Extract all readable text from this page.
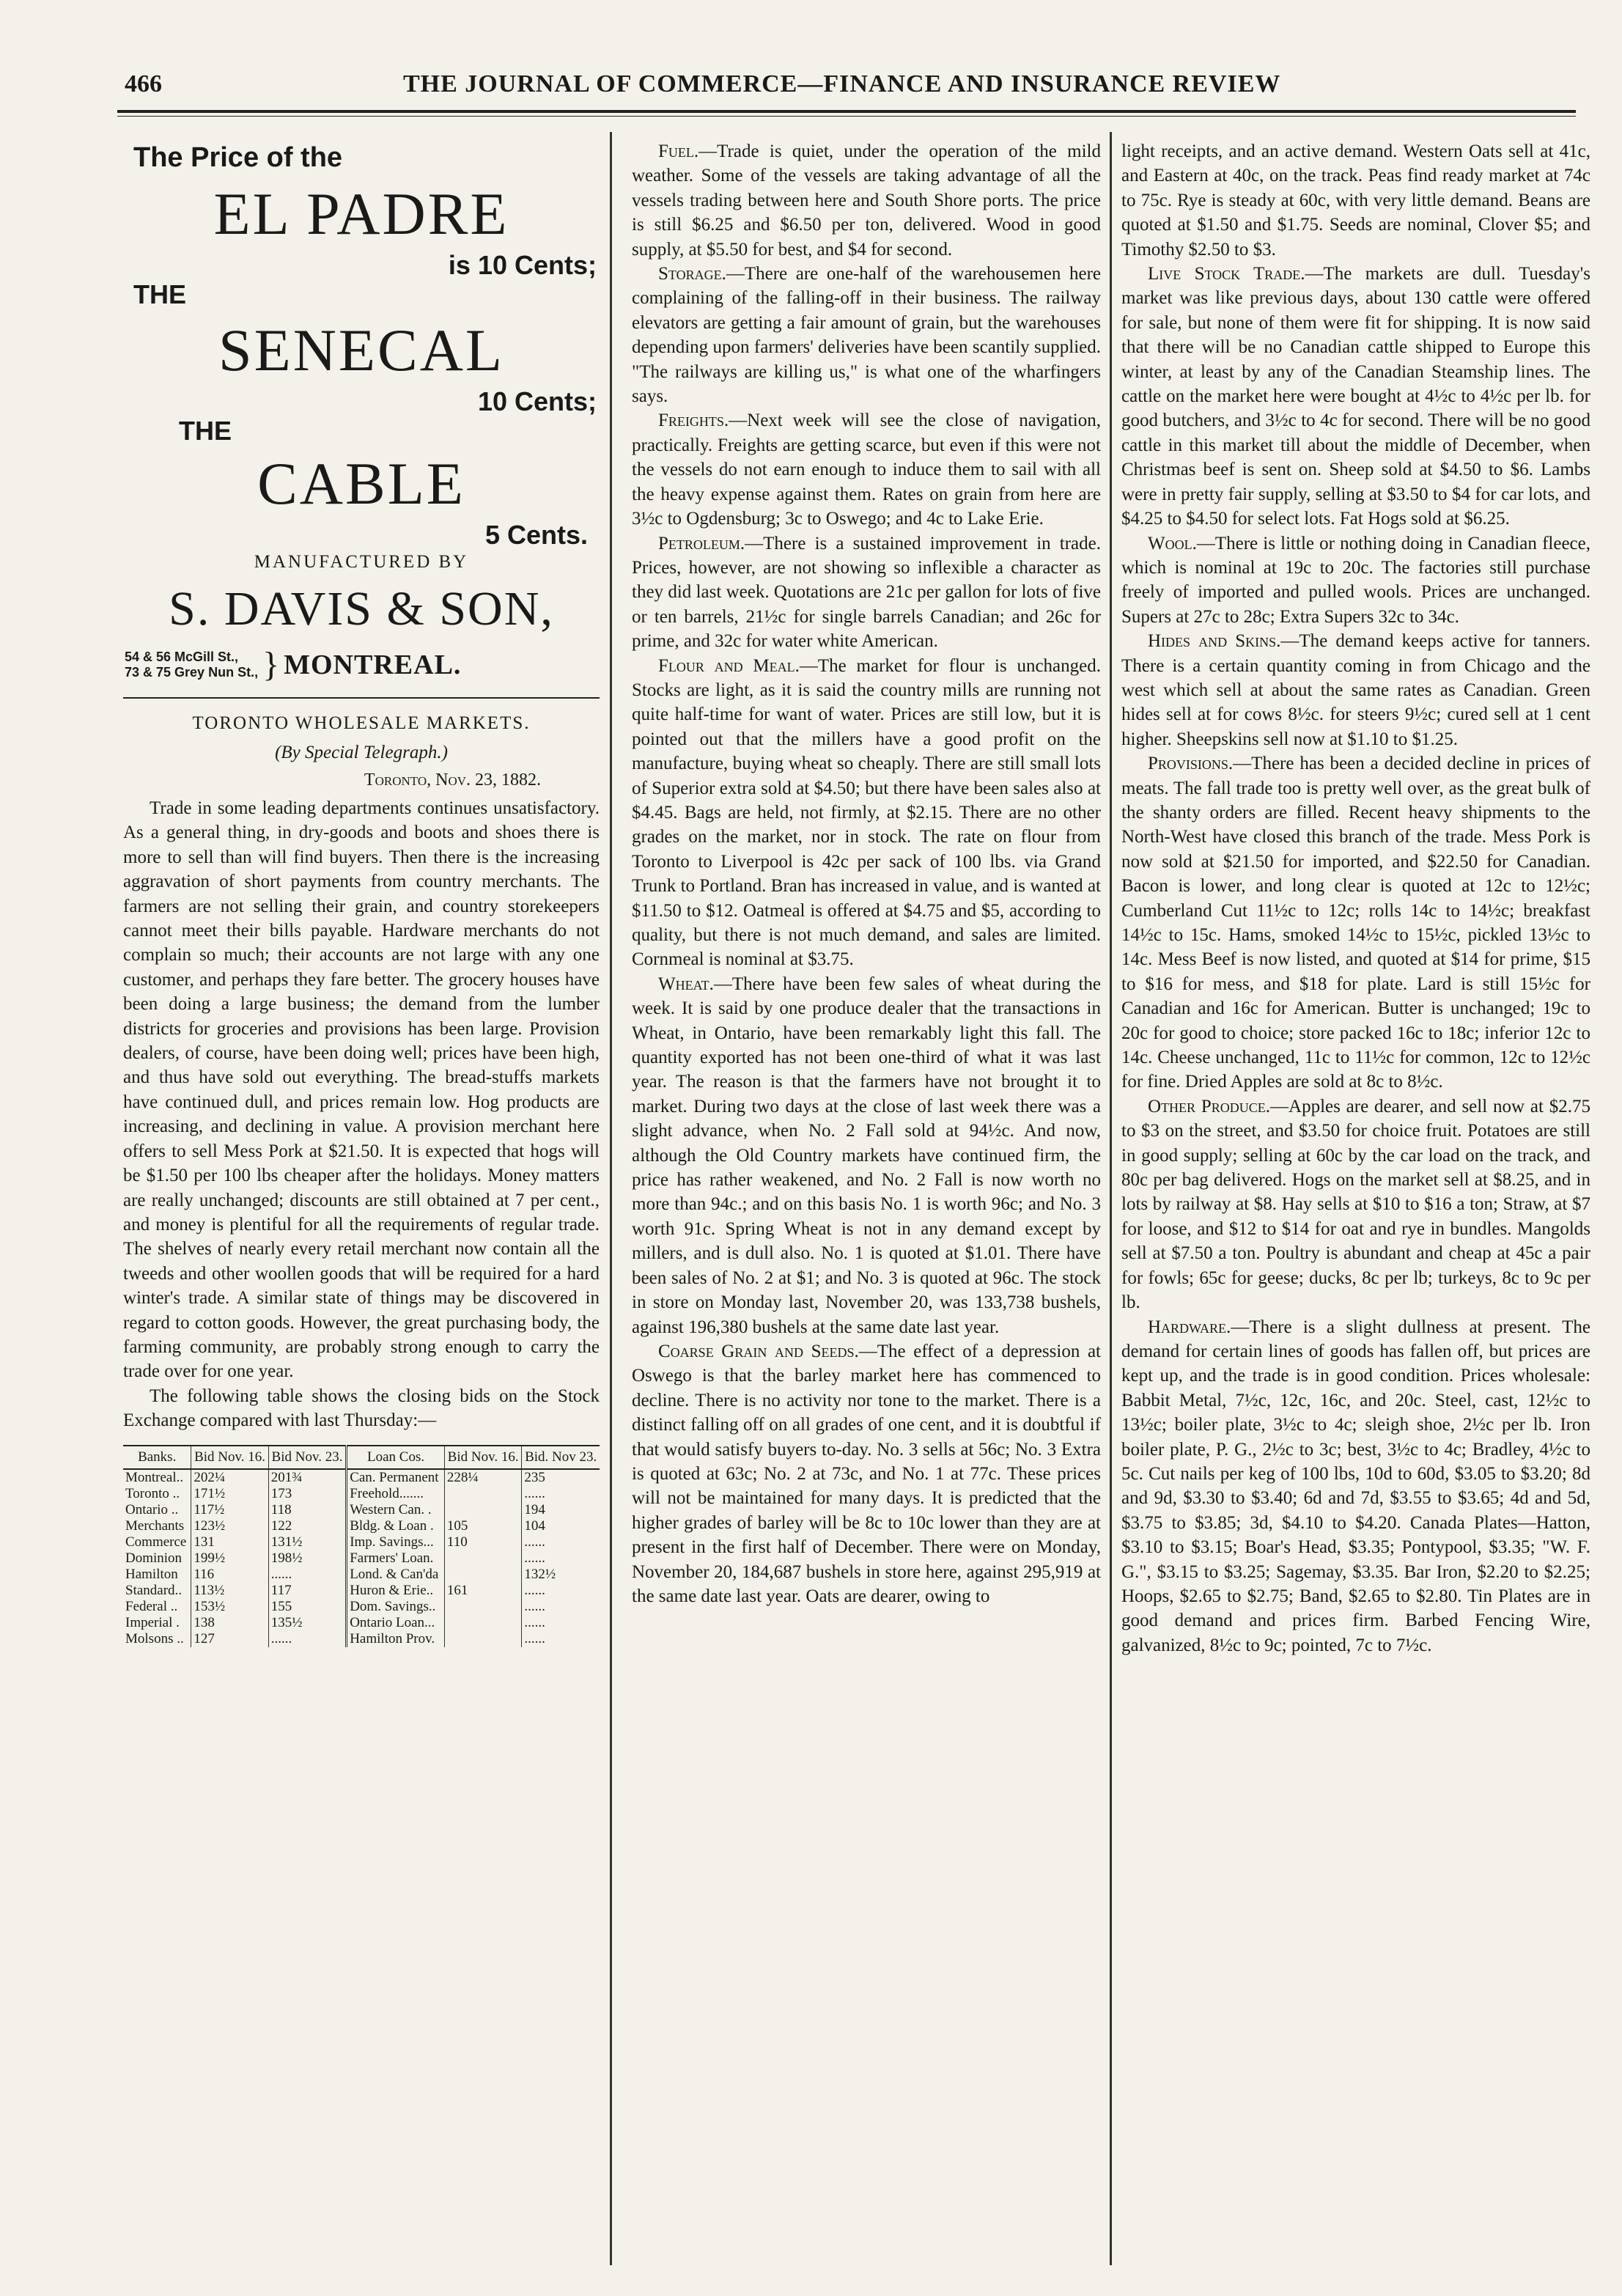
466	THE JOURNAL OF COMMERCE—FINANCE AND INSURANCE REVIEW
The Price of the
EL PADRE
is 10 Cents;
THE
SENECAL
10 Cents;
THE
CABLE
5 Cents.
MANUFACTURED BY
S. DAVIS & SON,
54 & 56 McGill St.,
73 & 75 Grey Nun St., } MONTREAL.
TORONTO WHOLESALE MARKETS.
(By Special Telegraph.)
Toronto, Nov. 23, 1882.

Trade in some leading departments continues unsatisfactory. As a general thing, in dry-goods and boots and shoes there is more to sell than will find buyers. Then there is the increasing aggravation of short payments from country merchants. The farmers are not selling their grain, and country storekeepers cannot meet their bills payable. Hardware merchants do not complain so much; their accounts are not large with any one customer, and perhaps they fare better. The grocery houses have been doing a large business; the demand from the lumber districts for groceries and provisions has been large. Provision dealers, of course, have been doing well; prices have been high, and thus have sold out everything. The bread-stuffs markets have continued dull, and prices remain low. Hog products are increasing, and declining in value. A provision merchant here offers to sell Mess Pork at $21.50. It is expected that hogs will be $1.50 per 100 lbs cheaper after the holidays. Money matters are really unchanged; discounts are still obtained at 7 per cent., and money is plentiful for all the requirements of regular trade. The shelves of nearly every retail merchant now contain all the tweeds and other woollen goods that will be required for a hard winter's trade. A similar state of things may be discovered in regard to cotton goods. However, the great purchasing body, the farming community, are probably strong enough to carry the trade over for one year.

The following table shows the closing bids on the Stock Exchange compared with last Thursday:—

Banks.	Bid Nov. 16.	Bid Nov. 23.	Loan Cos.	Bid Nov. 16.	Bid. Nov 23.
Montreal..	202¼	201¾	Can. Permanent	228¼	235
Toronto ..	171½	173	Freehold.......		......
Ontario ..	117½	118	Western Can. .		194
Merchants	123½	122	Bldg. & Loan .	105	104
Commerce	131	131½	Imp. Savings...	110	......
Dominion	199½	198½	Farmers' Loan.		......
Hamilton	116	......	Lond. & Can'da		132½
Standard..	113½	117	Huron & Erie..	161	......
Federal ..	153½	155	Dom. Savings..		......
Imperial .	138	135½	Ontario Loan...		......
Molsons ..	127	......	Hamilton Prov.		......

Fuel.—Trade is quiet, under the operation of the mild weather. Some of the vessels are taking advantage of all the vessels trading between here and South Shore ports. The price is still $6.25 and $6.50 per ton, delivered. Wood in good supply, at $5.50 for best, and $4 for second.

Storage.—There are one-half of the warehousemen here complaining of the falling-off in their business. The railway elevators are getting a fair amount of grain, but the warehouses depending upon farmers' deliveries have been scantily supplied. "The railways are killing us," is what one of the wharfingers says.

Freights.—Next week will see the close of navigation, practically. Freights are getting scarce, but even if this were not the vessels do not earn enough to induce them to sail with all the heavy expense against them. Rates on grain from here are 3½c to Ogdensburg; 3c to Oswego; and 4c to Lake Erie.

Petroleum.—There is a sustained improvement in trade. Prices, however, are not showing so inflexible a character as they did last week. Quotations are 21c per gallon for lots of five or ten barrels, 21½c for single barrels Canadian; and 26c for prime, and 32c for water white American.

Flour and Meal.—The market for flour is unchanged. Stocks are light, as it is said the country mills are running not quite half-time for want of water. Prices are still low, but it is pointed out that the millers have a good profit on the manufacture, buying wheat so cheaply. There are still small lots of Superior extra sold at $4.50; but there have been sales also at $4.45. Bags are held, not firmly, at $2.15. There are no other grades on the market, nor in stock. The rate on flour from Toronto to Liverpool is 42c per sack of 100 lbs. via Grand Trunk to Portland. Bran has increased in value, and is wanted at $11.50 to $12. Oatmeal is offered at $4.75 and $5, according to quality, but there is not much demand, and sales are limited. Cornmeal is nominal at $3.75.

Wheat.—There have been few sales of wheat during the week. It is said by one produce dealer that the transactions in Wheat, in Ontario, have been remarkably light this fall. The quantity exported has not been one-third of what it was last year. The reason is that the farmers have not brought it to market. During two days at the close of last week there was a slight advance, when No. 2 Fall sold at 94½c. And now, although the Old Country markets have continued firm, the price has rather weakened, and No. 2 Fall is now worth no more than 94c.; and on this basis No. 1 is worth 96c; and No. 3 worth 91c. Spring Wheat is not in any demand except by millers, and is dull also. No. 1 is quoted at $1.01. There have been sales of No. 2 at $1; and No. 3 is quoted at 96c. The stock in store on Monday last, November 20, was 133,738 bushels, against 196,380 bushels at the same date last year.

Coarse Grain and Seeds.—The effect of a depression at Oswego is that the barley market here has commenced to decline. There is no activity nor tone to the market. There is a distinct falling off on all grades of one cent, and it is doubtful if that would satisfy buyers to-day. No. 3 sells at 56c; No. 3 Extra is quoted at 63c; No. 2 at 73c, and No. 1 at 77c. These prices will not be maintained for many days. It is predicted that the higher grades of barley will be 8c to 10c lower than they are at present in the first half of December. There were on Monday, November 20, 184,687 bushels in store here, against 295,919 at the same date last year. Oats are dearer, owing to

light receipts, and an active demand. Western Oats sell at 41c, and Eastern at 40c, on the track. Peas find ready market at 74c to 75c. Rye is steady at 60c, with very little demand. Beans are quoted at $1.50 and $1.75. Seeds are nominal, Clover $5; and Timothy $2.50 to $3.

Live Stock Trade.—The markets are dull. Tuesday's market was like previous days, about 130 cattle were offered for sale, but none of them were fit for shipping. It is now said that there will be no Canadian cattle shipped to Europe this winter, at least by any of the Canadian Steamship lines. The cattle on the market here were bought at 4½c to 4½c per lb. for good butchers, and 3½c to 4c for second. There will be no good cattle in this market till about the middle of December, when Christmas beef is sent on. Sheep sold at $4.50 to $6. Lambs were in pretty fair supply, selling at $3.50 to $4 for car lots, and $4.25 to $4.50 for select lots. Fat Hogs sold at $6.25.

Wool.—There is little or nothing doing in Canadian fleece, which is nominal at 19c to 20c. The factories still purchase freely of imported and pulled wools. Prices are unchanged. Supers at 27c to 28c; Extra Supers 32c to 34c.

Hides and Skins.—The demand keeps active for tanners. There is a certain quantity coming in from Chicago and the west which sell at about the same rates as Canadian. Green hides sell at for cows 8½c. for steers 9½c; cured sell at 1 cent higher. Sheepskins sell now at $1.10 to $1.25.

Provisions.—There has been a decided decline in prices of meats. The fall trade too is pretty well over, as the great bulk of the shanty orders are filled. Recent heavy shipments to the North-West have closed this branch of the trade. Mess Pork is now sold at $21.50 for imported, and $22.50 for Canadian. Bacon is lower, and long clear is quoted at 12c to 12½c; Cumberland Cut 11½c to 12c; rolls 14c to 14½c; breakfast 14½c to 15c. Hams, smoked 14½c to 15½c, pickled 13½c to 14c. Mess Beef is now listed, and quoted at $14 for prime, $15 to $16 for mess, and $18 for plate. Lard is still 15½c for Canadian and 16c for American. Butter is unchanged; 19c to 20c for good to choice; store packed 16c to 18c; inferior 12c to 14c. Cheese unchanged, 11c to 11½c for common, 12c to 12½c for fine. Dried Apples are sold at 8c to 8½c.

Other Produce.—Apples are dearer, and sell now at $2.75 to $3 on the street, and $3.50 for choice fruit. Potatoes are still in good supply; selling at 60c by the car load on the track, and 80c per bag delivered. Hogs on the market sell at $8.25, and in lots by railway at $8. Hay sells at $10 to $16 a ton; Straw, at $7 for loose, and $12 to $14 for oat and rye in bundles. Mangolds sell at $7.50 a ton. Poultry is abundant and cheap at 45c a pair for fowls; 65c for geese; ducks, 8c per lb; turkeys, 8c to 9c per lb.

Hardware.—There is a slight dullness at present. The demand for certain lines of goods has fallen off, but prices are kept up, and the trade is in good condition. Prices wholesale: Babbit Metal, 7½c, 12c, 16c, and 20c. Steel, cast, 12½c to 13½c; boiler plate, 3½c to 4c; sleigh shoe, 2½c per lb. Iron boiler plate, P. G., 2½c to 3c; best, 3½c to 4c; Bradley, 4½c to 5c. Cut nails per keg of 100 lbs, 10d to 60d, $3.05 to $3.20; 8d and 9d, $3.30 to $3.40; 6d and 7d, $3.55 to $3.65; 4d and 5d, $3.75 to $3.85; 3d, $4.10 to $4.20. Canada Plates—Hatton, $3.10 to $3.15; Boar's Head, $3.35; Pontypool, $3.35; "W. F. G.", $3.15 to $3.25; Sagemay, $3.35. Bar Iron, $2.20 to $2.25; Hoops, $2.65 to $2.75; Band, $2.65 to $2.80. Tin Plates are in good demand and prices firm. Barbed Fencing Wire, galvanized, 8½c to 9c; pointed, 7c to 7½c.
